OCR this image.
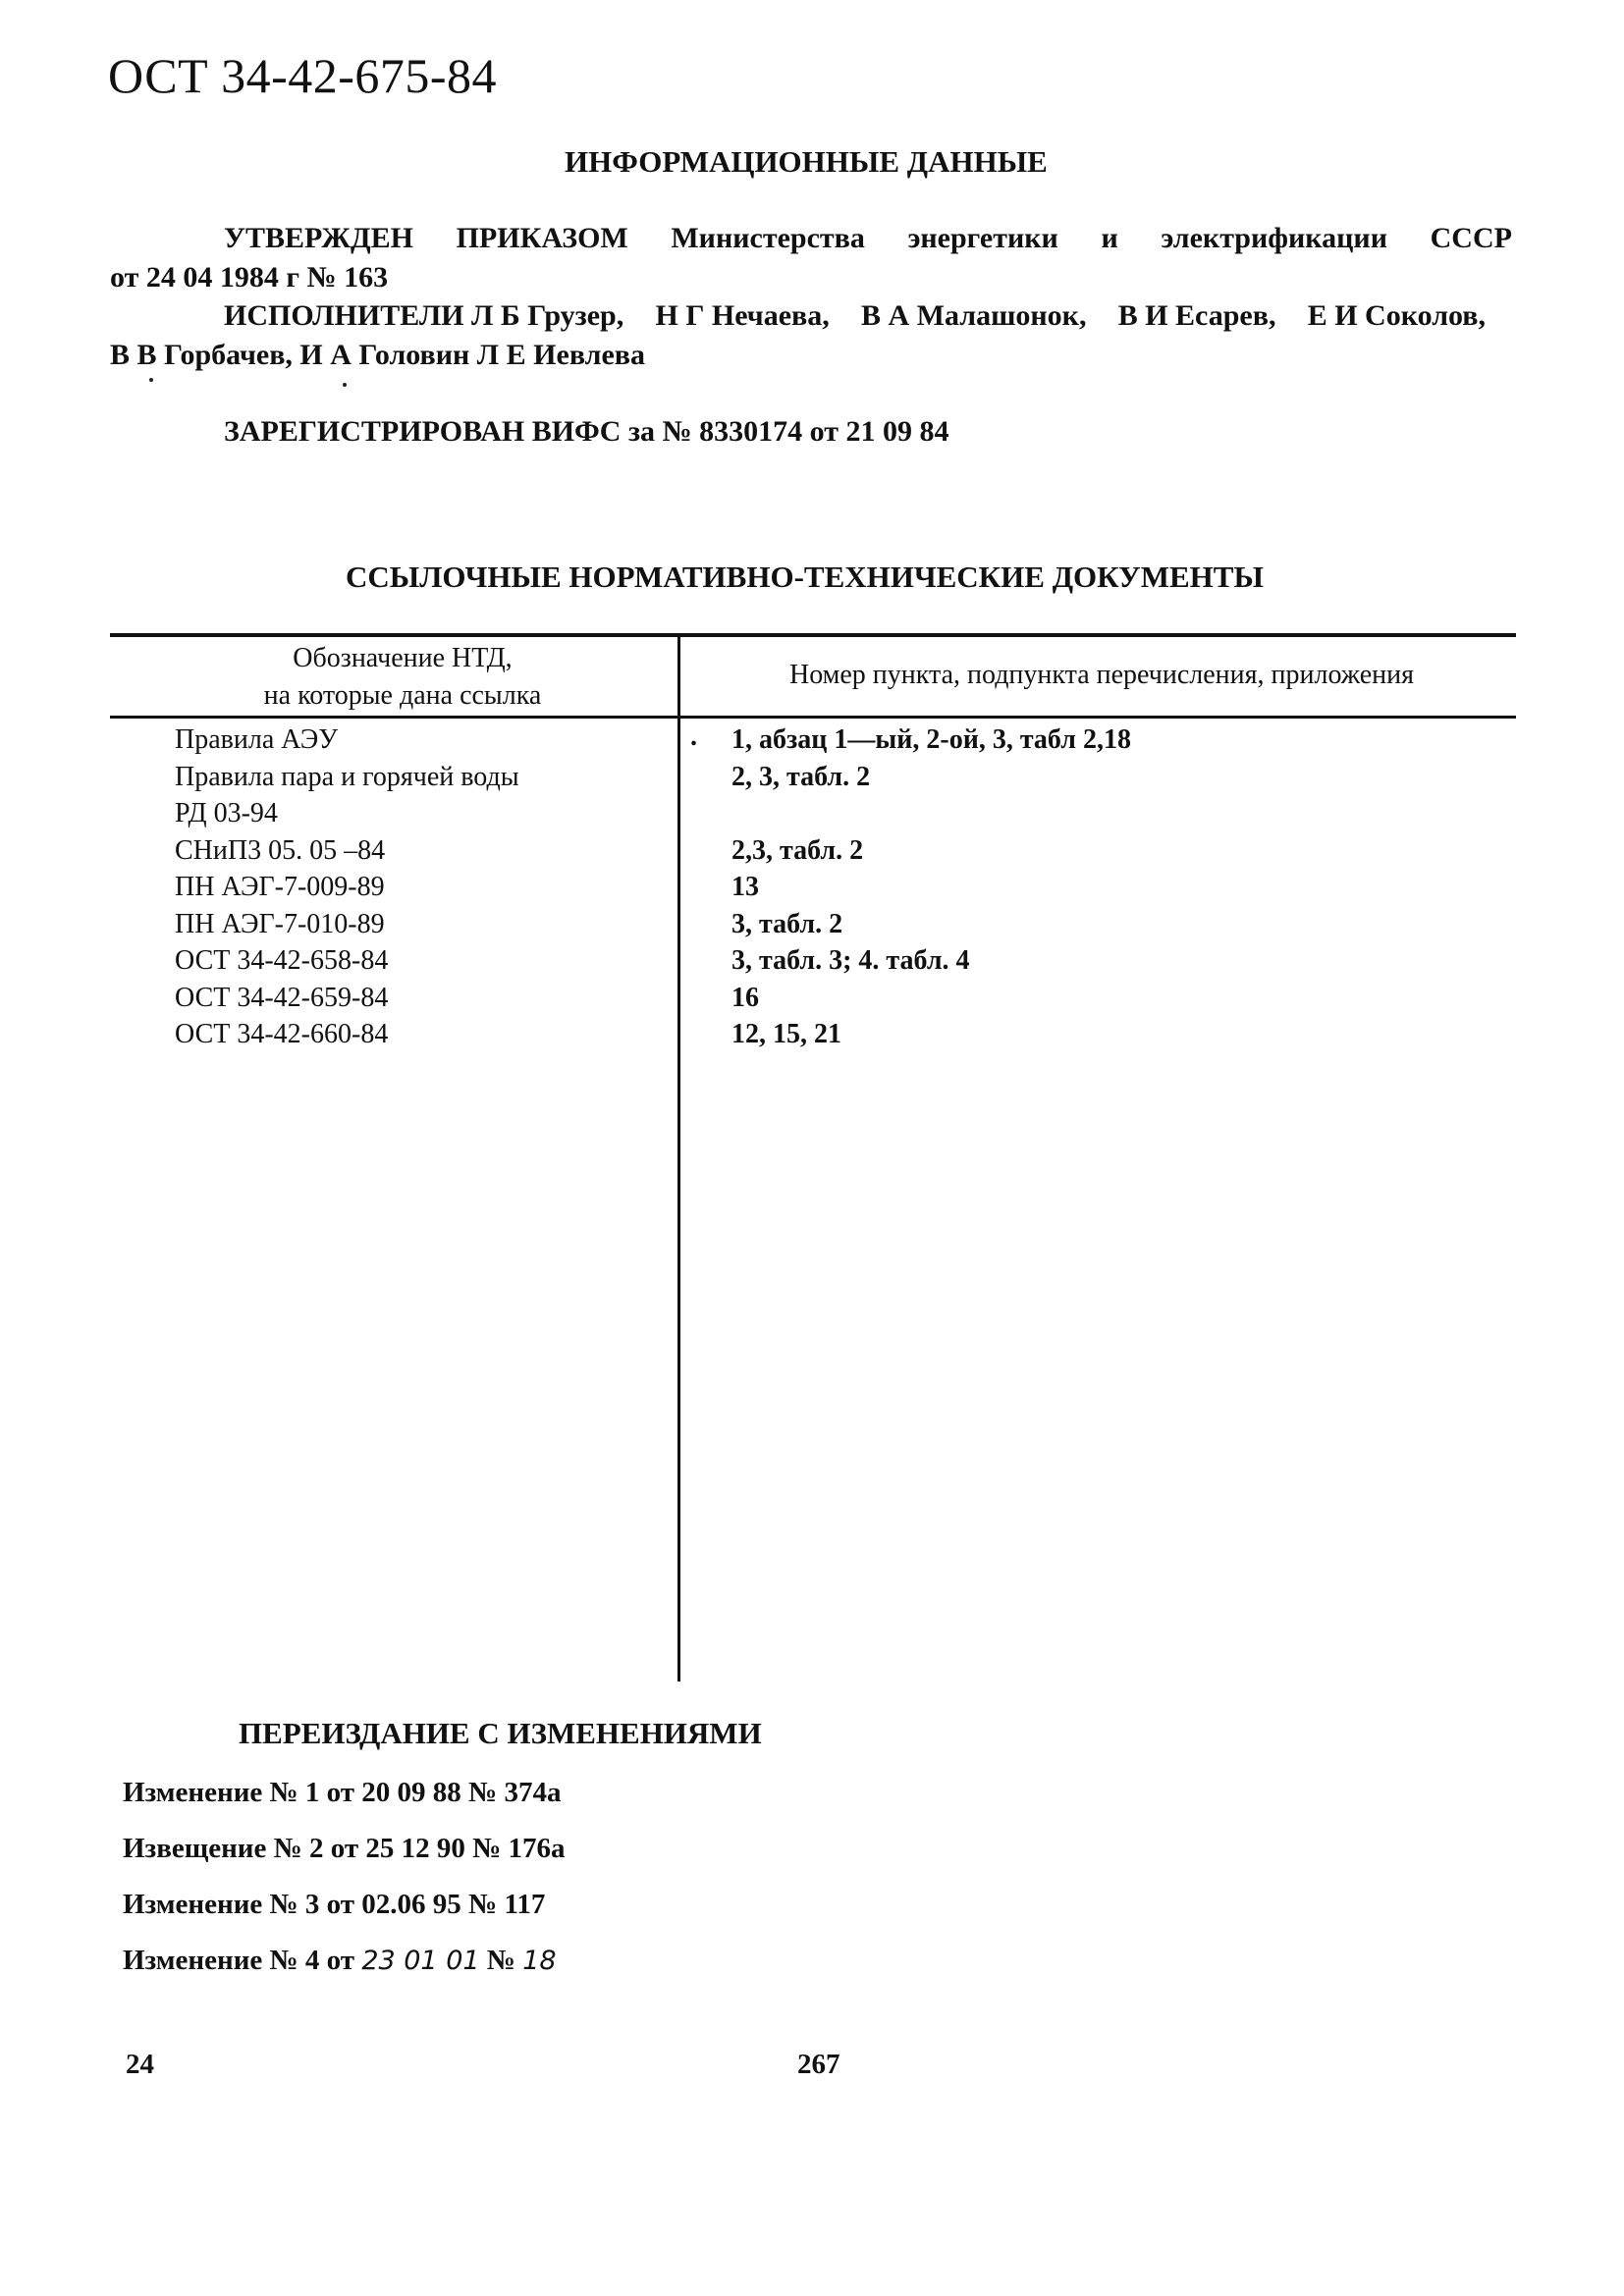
ОСТ 34-42-675-84
ИНФОРМАЦИОННЫЕ ДАННЫЕ
УТВЕРЖДЕН ПРИКАЗОМ Министерства энергетики и электрификации СССР
от 24 04 1984 г № 163
ИСПОЛНИТЕЛИ Л Б Грузер, Н Г Нечаева, В А Малашонок, В И Есарев, Е И Соколов,
В В Горбачев, И А Головин Л Е Иевлева
ЗАРЕГИСТРИРОВАН ВИФС за № 8330174 от 21 09 84
ССЫЛОЧНЫЕ НОРМАТИВНО-ТЕХНИЧЕСКИЕ ДОКУМЕНТЫ
Обозначение НТД,
на которые дана ссылка
Номер пункта, подпункта перечисления, приложения
.
Правила АЭУ
Правила пара и горячей воды
РД 03-94
СНиП3 05. 05 –84
ПН АЭГ-7-009-89
ПН АЭГ-7-010-89
ОСТ 34-42-658-84
ОСТ 34-42-659-84
ОСТ 34-42-660-84
1, абзац 1—ый, 2-ой, 3, табл 2,18
2, 3, табл. 2
2,3, табл. 2
13
3, табл. 2
3, табл. 3; 4. табл. 4
16
12, 15, 21
ПЕРЕИЗДАНИЕ С ИЗМЕНЕНИЯМИ
Изменение № 1 от 20 09 88 № 374а
Извещение № 2 от 25 12 90 № 176а
Изменение № 3 от 02.06 95 № 117
Изменение № 4 от 23 01 01 № 18
24	267
